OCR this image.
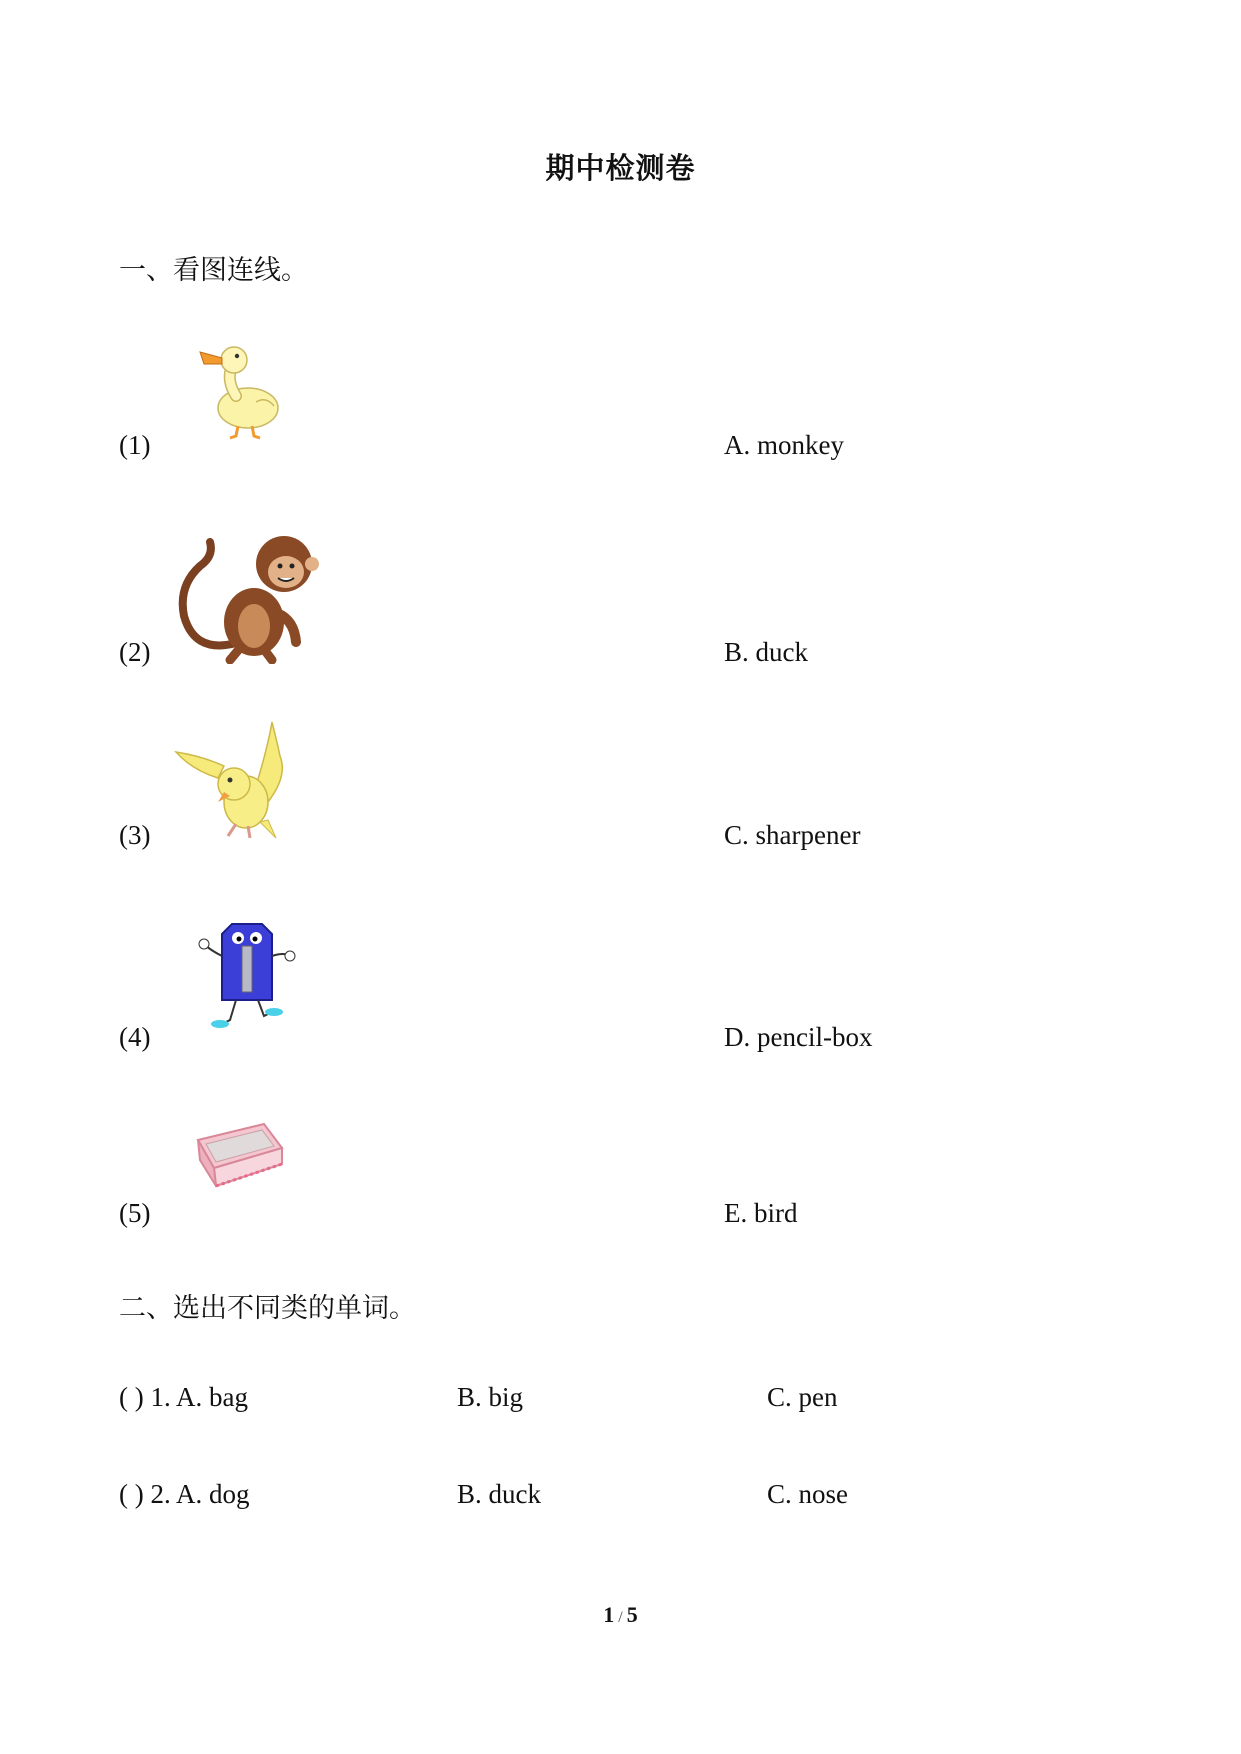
期中检测卷
一、看图连线。
(1)	A. monkey
(2)	B. duck
(3)	C. sharpener
(4)	D. pencil-box
(5)	E. bird
二、选出不同类的单词。
( ) 1. A. bag	B. big	C. pen
( ) 2. A. dog	B. duck	C. nose
1 / 5
